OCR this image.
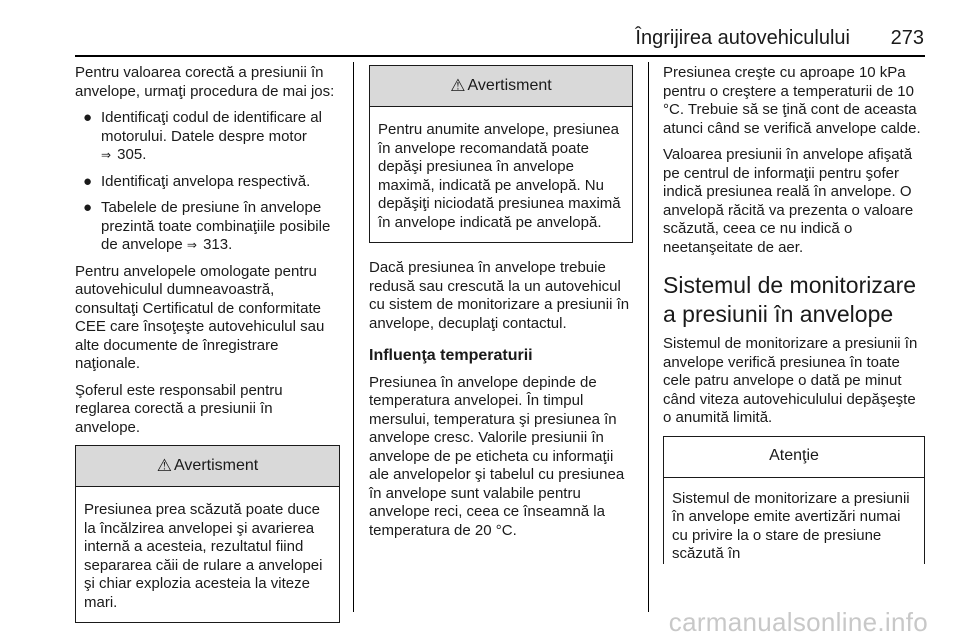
Îngrijirea autovehiculului 273

Pentru valoarea corectă a presiunii în anvelope, urmaţi procedura de mai jos:

● Identificaţi codul de identificare al motorului. Datele despre motor
⇒ 305.
● Identificaţi anvelopa respectivă.
● Tabelele de presiune în anvelope prezintă toate combinaţiile posibile de anvelope ⇒ 313.

Pentru anvelopele omologate pentru autovehiculul dumneavoastră, consultaţi Certificatul de conformitate CEE care însoţeşte autovehiculul sau alte documente de înregistrare naţionale.

Şoferul este responsabil pentru reglarea corectă a presiunii în anvelope.

⚠ Avertisment

Presiunea prea scăzută poate duce la încălzirea anvelopei şi avarierea internă a acesteia, rezultatul fiind separarea căii de rulare a anvelopei şi chiar explozia acesteia la viteze mari.

⚠ Avertisment

Pentru anumite anvelope, presiunea în anvelope recomandată poate depăşi presiunea în anvelope maximă, indicată pe anvelopă. Nu depăşiţi niciodată presiunea maximă în anvelope indicată pe anvelopă.

Dacă presiunea în anvelope trebuie redusă sau crescută la un autovehicul cu sistem de monitorizare a presiunii în anvelope, decuplaţi contactul.

Influenţa temperaturii

Presiunea în anvelope depinde de temperatura anvelopei. În timpul mersului, temperatura şi presiunea în anvelope cresc. Valorile presiunii în anvelope de pe eticheta cu informaţii ale anvelopelor şi tabelul cu presiunea în anvelope sunt valabile pentru anvelope reci, ceea ce înseamnă la temperatura de 20 °C.

Presiunea creşte cu aproape 10 kPa pentru o creştere a temperaturii de 10 °C. Trebuie să se ţină cont de aceasta atunci când se verifică anvelope calde.

Valoarea presiunii în anvelope afişată pe centrul de informaţii pentru şofer indică presiunea reală în anvelope. O anvelopă răcită va prezenta o valoare scăzută, ceea ce nu indică o neetanşeitate de aer.

Sistemul de monitorizare a presiunii în anvelope

Sistemul de monitorizare a presiunii în anvelope verifică presiunea în toate cele patru anvelope o dată pe minut când viteza autovehiculului depăşeşte o anumită limită.

Atenţie

Sistemul de monitorizare a presiunii în anvelope emite avertizări numai cu privire la o stare de presiune scăzută în

carmanualsonline.info
